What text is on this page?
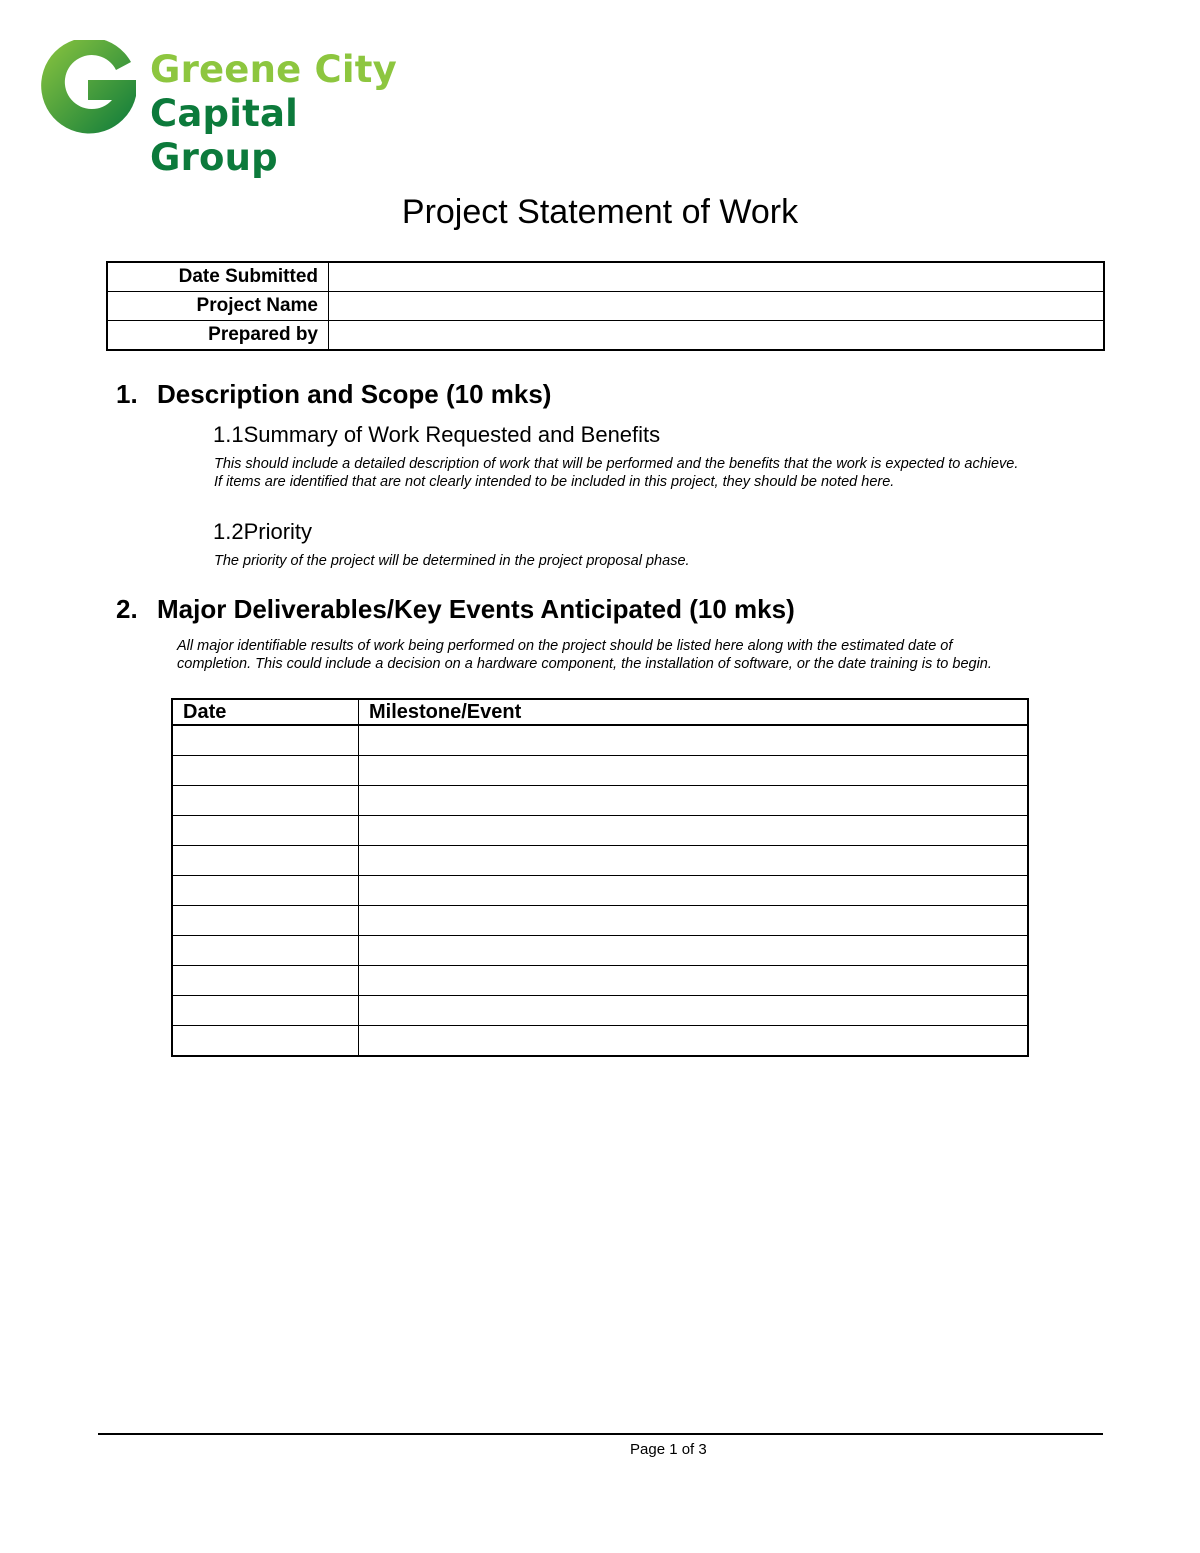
Greene City
Capital Group
Project Statement of Work
Date Submitted	
Project Name	
Prepared by	
1. Description and Scope (10 mks)
1.1Summary of Work Requested and Benefits
This should include a detailed description of work that will be performed and the benefits that the work is expected to achieve.
If items are identified that are not clearly intended to be included in this project, they should be noted here.
1.2Priority
The priority of the project will be determined in the project proposal phase.
2. Major Deliverables/Key Events Anticipated (10 mks)
All major identifiable results of work being performed on the project should be listed here along with the estimated date of
completion. This could include a decision on a hardware component, the installation of software, or the date training is to begin.
Date	Milestone/Event

Page 1 of 3
